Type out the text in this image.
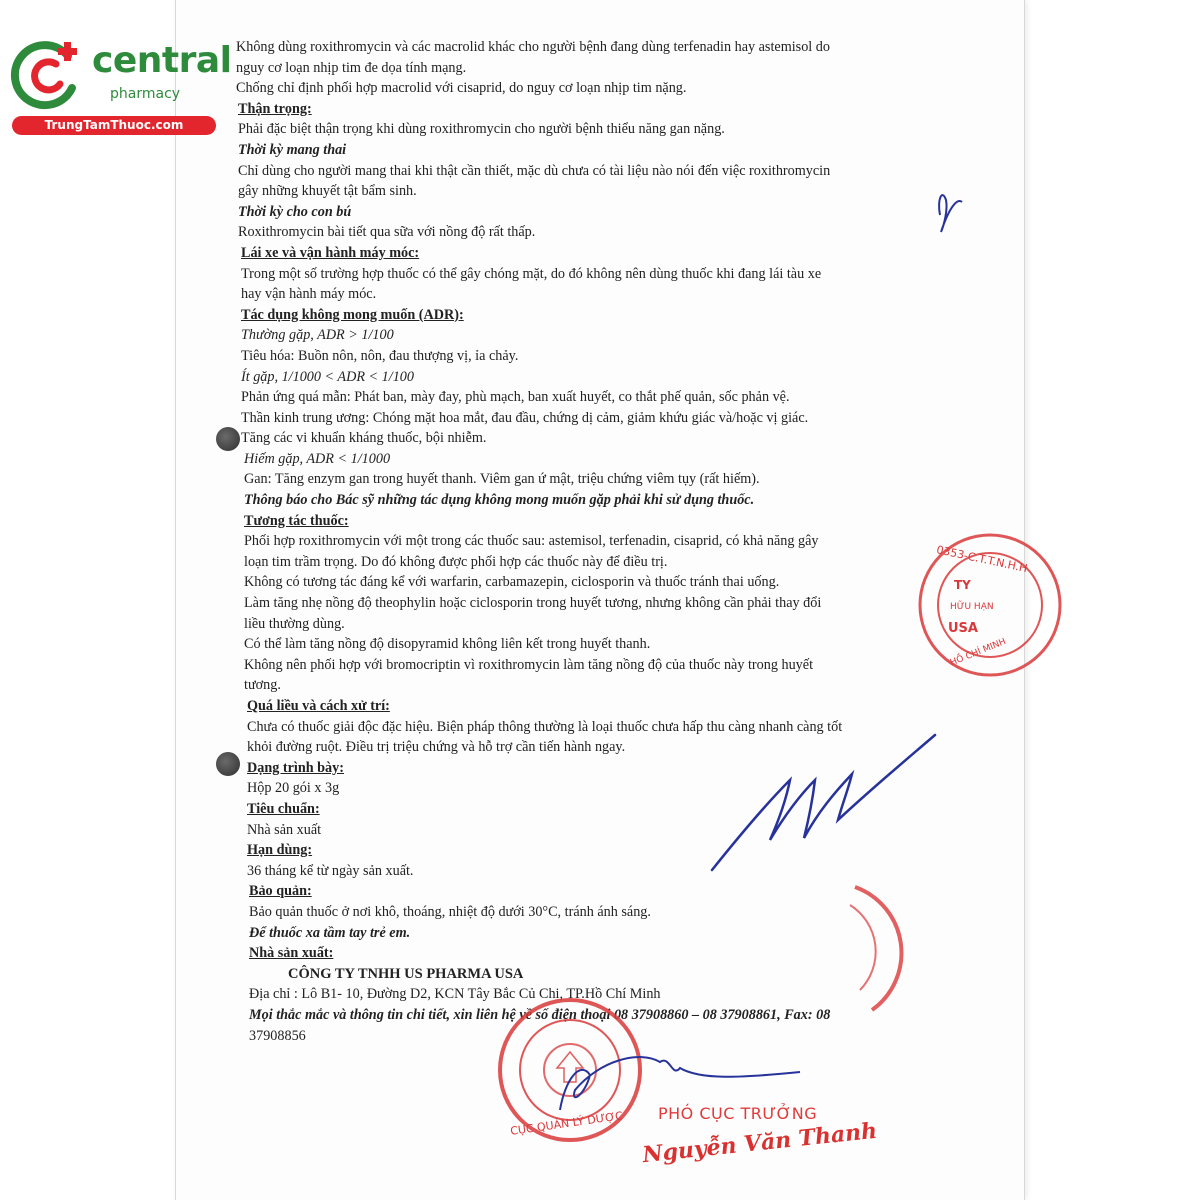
central
pharmacy
TrungTamThuoc.com

Không dùng roxithromycin và các macrolid khác cho người bệnh đang dùng terfenadin hay astemisol do

nguy cơ loạn nhịp tim đe dọa tính mạng.

Chống chỉ định phối hợp macrolid với cisaprid, do nguy cơ loạn nhịp tim nặng.

Thận trọng:

Phải đặc biệt thận trọng khi dùng roxithromycin cho người bệnh thiểu năng gan nặng.

Thời kỳ mang thai

Chỉ dùng cho người mang thai khi thật cần thiết, mặc dù chưa có tài liệu nào nói đến việc roxithromycin

gây những khuyết tật bẩm sinh.

Thời kỳ cho con bú

Roxithromycin bài tiết qua sữa với nồng độ rất thấp.

Lái xe và vận hành máy móc:

Trong một số trường hợp thuốc có thể gây chóng mặt, do đó không nên dùng thuốc khi đang lái tàu xe

hay vận hành máy móc.

Tác dụng không mong muốn (ADR):

Thường gặp, ADR > 1/100

Tiêu hóa: Buồn nôn, nôn, đau thượng vị, ỉa chảy.

Ít gặp, 1/1000 < ADR < 1/100

Phản ứng quá mẫn: Phát ban, mày đay, phù mạch, ban xuất huyết, co thắt phế quản, sốc phản vệ.

Thần kinh trung ương: Chóng mặt hoa mắt, đau đầu, chứng dị cảm, giảm khứu giác và/hoặc vị giác.

Tăng các vi khuẩn kháng thuốc, bội nhiễm.

Hiếm gặp, ADR < 1/1000

Gan: Tăng enzym gan trong huyết thanh. Viêm gan ứ mật, triệu chứng viêm tụy (rất hiếm).

Thông báo cho Bác sỹ những tác dụng không mong muốn gặp phải khi sử dụng thuốc.

Tương tác thuốc:

Phối hợp roxithromycin với một trong các thuốc sau: astemisol, terfenadin, cisaprid, có khả năng gây

loạn tim trầm trọng. Do đó không được phối hợp các thuốc này để điều trị.

Không có tương tác đáng kể với warfarin, carbamazepin, ciclosporin và thuốc tránh thai uống.

Làm tăng nhẹ nồng độ theophylin hoặc ciclosporin trong huyết tương, nhưng không cần phải thay đổi

liều thường dùng.

Có thể làm tăng nồng độ disopyramid không liên kết trong huyết thanh.

Không nên phối hợp với bromocriptin vì roxithromycin làm tăng nồng độ của thuốc này trong huyết

tương.

Quá liều và cách xử trí:

Chưa có thuốc giải độc đặc hiệu. Biện pháp thông thường là loại thuốc chưa hấp thu càng nhanh càng tốt

khỏi đường ruột. Điều trị triệu chứng và hỗ trợ cần tiến hành ngay.

Dạng trình bày:

Hộp 20 gói x 3g

Tiêu chuẩn:

Nhà sản xuất

Hạn dùng:

36 tháng kể từ ngày sản xuất.

Bảo quản:

Bảo quản thuốc ở nơi khô, thoáng, nhiệt độ dưới 30°C, tránh ánh sáng.

Để thuốc xa tầm tay trẻ em.

Nhà sản xuất:

CÔNG TY TNHH US PHARMA USA

Địa chỉ : Lô B1- 10, Đường D2, KCN Tây Bắc Củ Chi, TP.Hồ Chí Minh

Mọi thắc mắc và thông tin chi tiết, xin liên hệ về số điện thoại 08 37908860 – 08 37908861, Fax: 08

37908856

0353-C.T.T.N.H.H
TY
HỮU HẠN
USA
HỒ CHÍ MINH
CỤC QUẢN LÝ DƯỢC PHÓ CỤC TRƯỞNG
Nguyễn Văn Thanh
